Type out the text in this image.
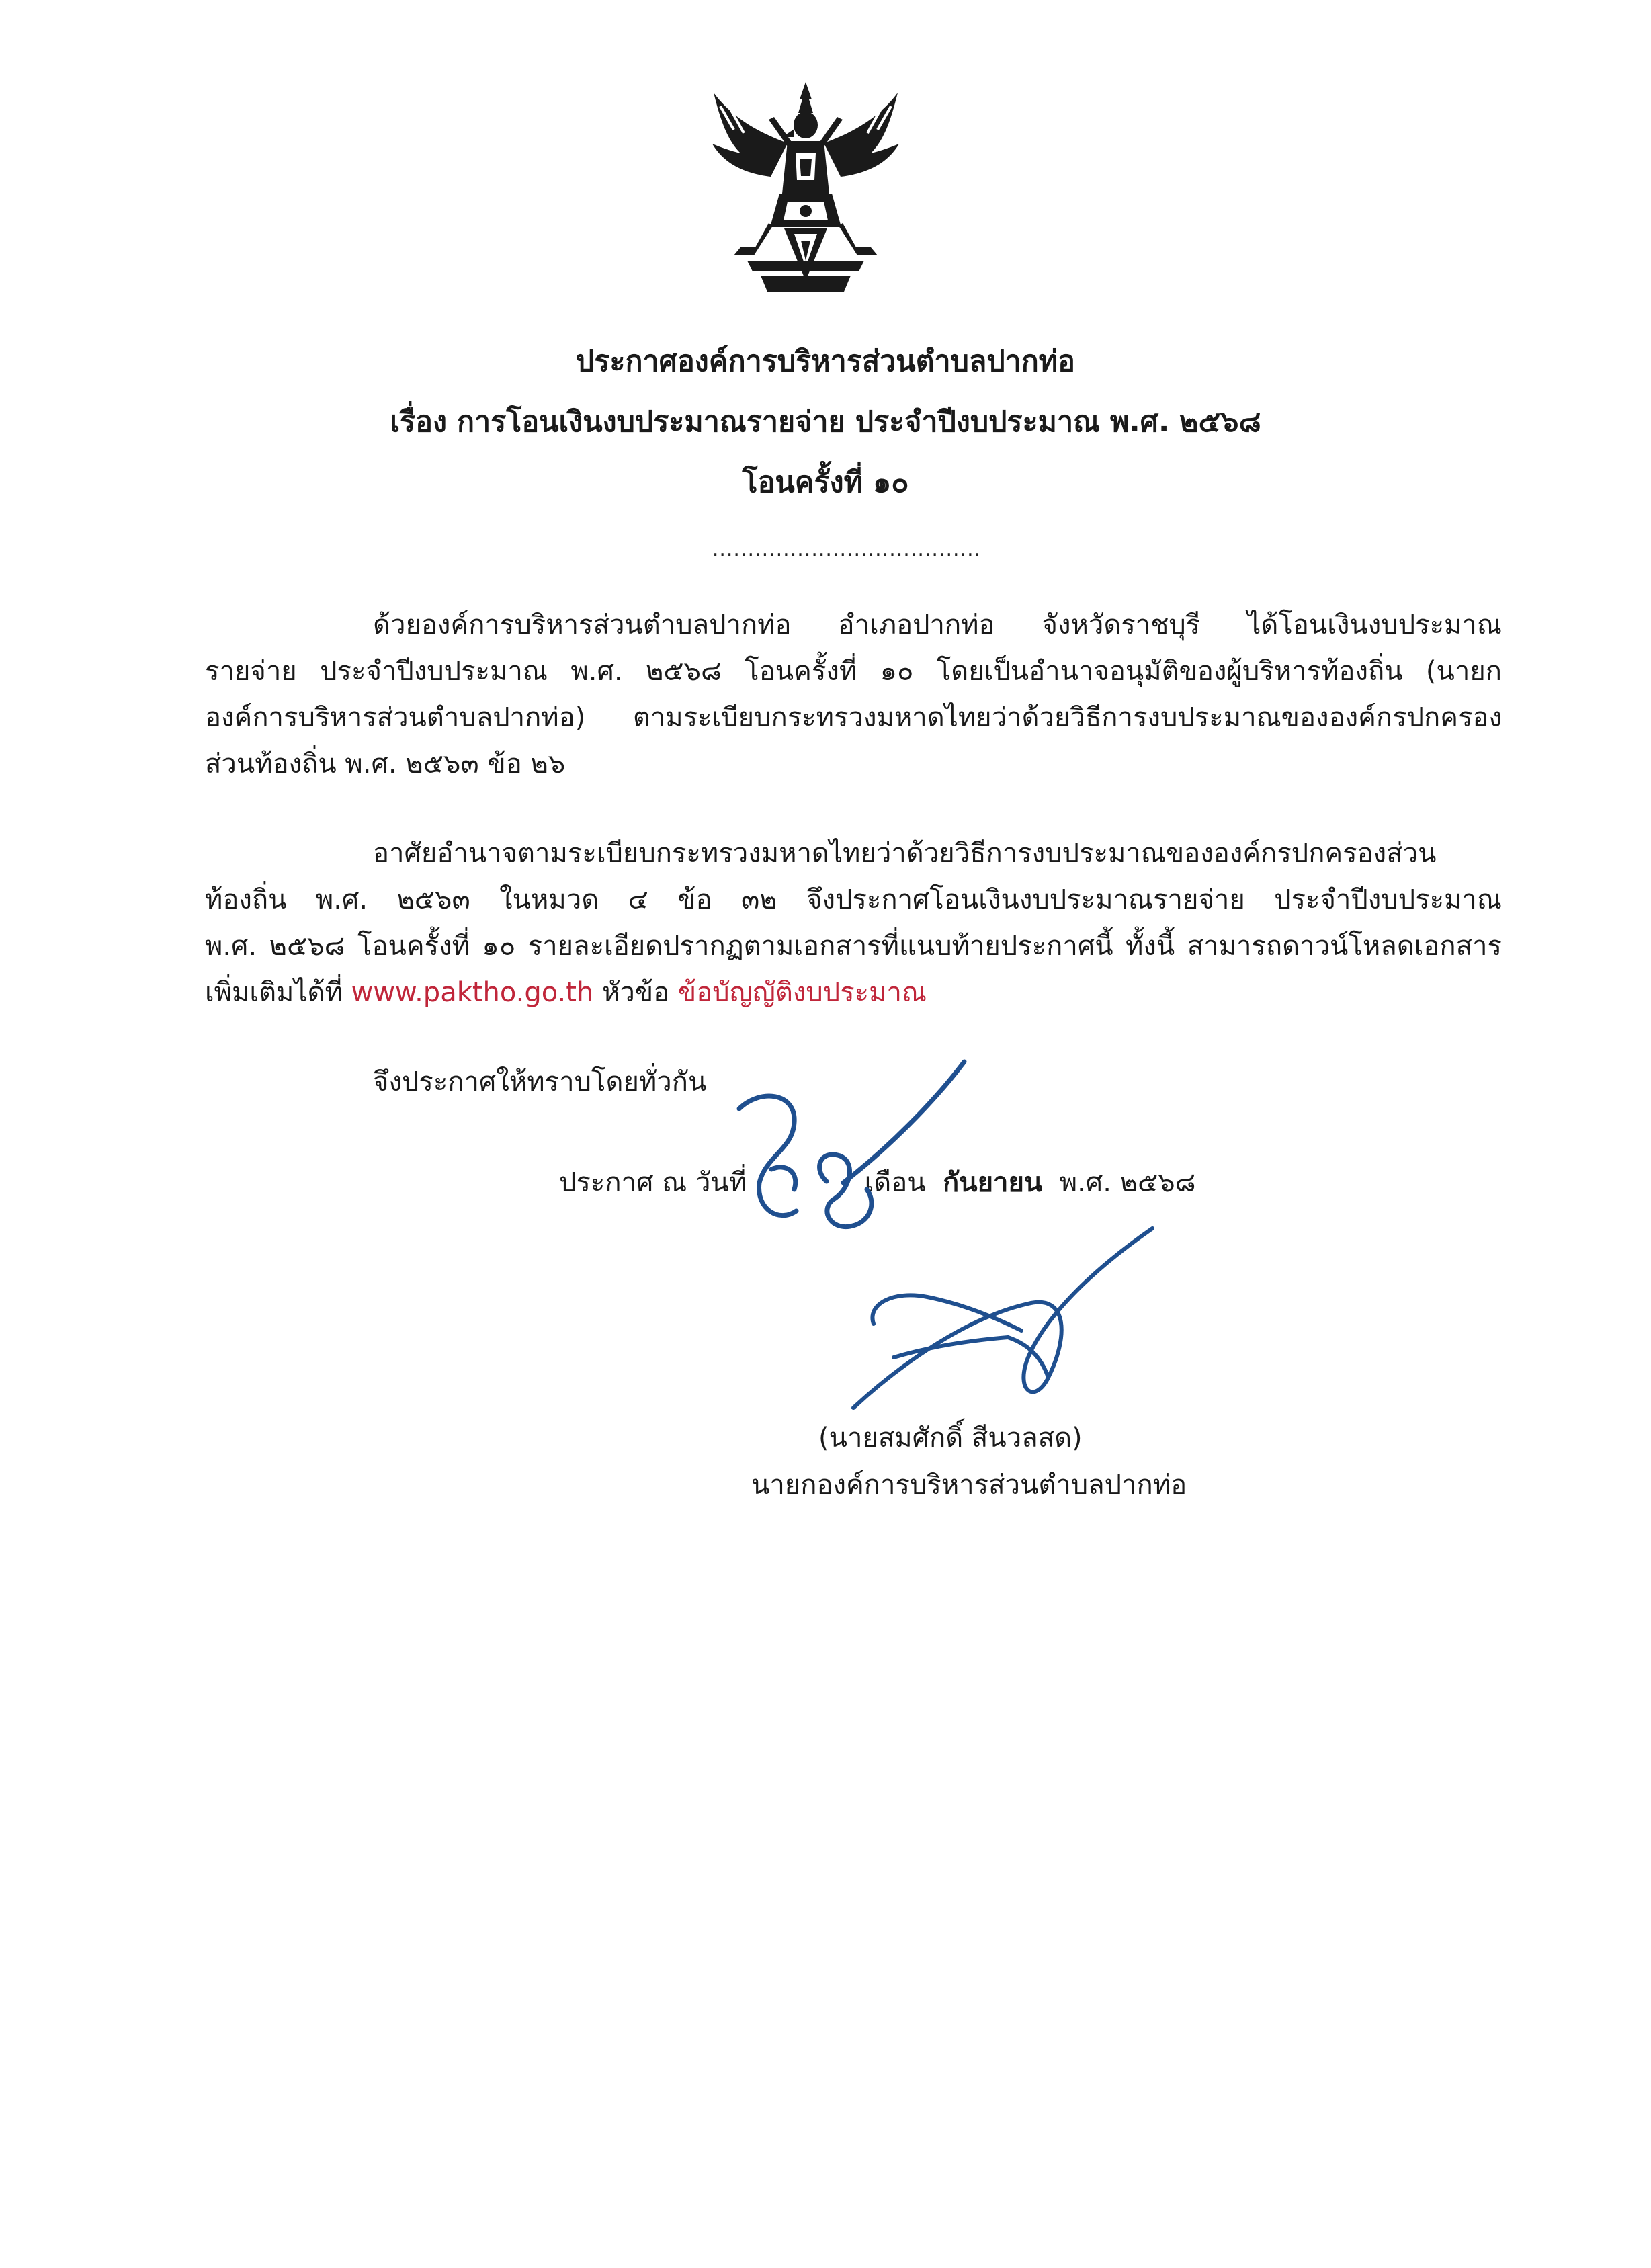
ประกาศองค์การบริหารส่วนตำบลปากท่อ
เรื่อง การโอนเงินงบประมาณรายจ่าย ประจำปีงบประมาณ พ.ศ. ๒๕๖๘
โอนครั้งที่ ๑๐
......................................
ด้วยองค์การบริหารส่วนตำบลปากท่อ อำเภอปากท่อ จังหวัดราชบุรี ได้โอนเงินงบประมาณ
รายจ่าย ประจำปีงบประมาณ พ.ศ. ๒๕๖๘ โอนครั้งที่ ๑๐ โดยเป็นอำนาจอนุมัติของผู้บริหารท้องถิ่น (นายก
องค์การบริหารส่วนตำบลปากท่อ) ตามระเบียบกระทรวงมหาดไทยว่าด้วยวิธีการงบประมาณขององค์กรปกครอง
ส่วนท้องถิ่น พ.ศ. ๒๕๖๓ ข้อ ๒๖
อาศัยอำนาจตามระเบียบกระทรวงมหาดไทยว่าด้วยวิธีการงบประมาณขององค์กรปกครองส่วน
ท้องถิ่น พ.ศ. ๒๕๖๓ ในหมวด ๔ ข้อ ๓๒ จึงประกาศโอนเงินงบประมาณรายจ่าย ประจำปีงบประมาณ
พ.ศ. ๒๕๖๘ โอนครั้งที่ ๑๐ รายละเอียดปรากฏตามเอกสารที่แนบท้ายประกาศนี้ ทั้งนี้ สามารถดาวน์โหลดเอกสาร
เพิ่มเติมได้ที่ www.paktho.go.th หัวข้อ ข้อบัญญัติงบประมาณ
จึงประกาศให้ทราบโดยทั่วกัน
ประกาศ ณ วันที่	เดือน กันยายน พ.ศ. ๒๕๖๘
(นายสมศักดิ์ สีนวลสด)
นายกองค์การบริหารส่วนตำบลปากท่อ
